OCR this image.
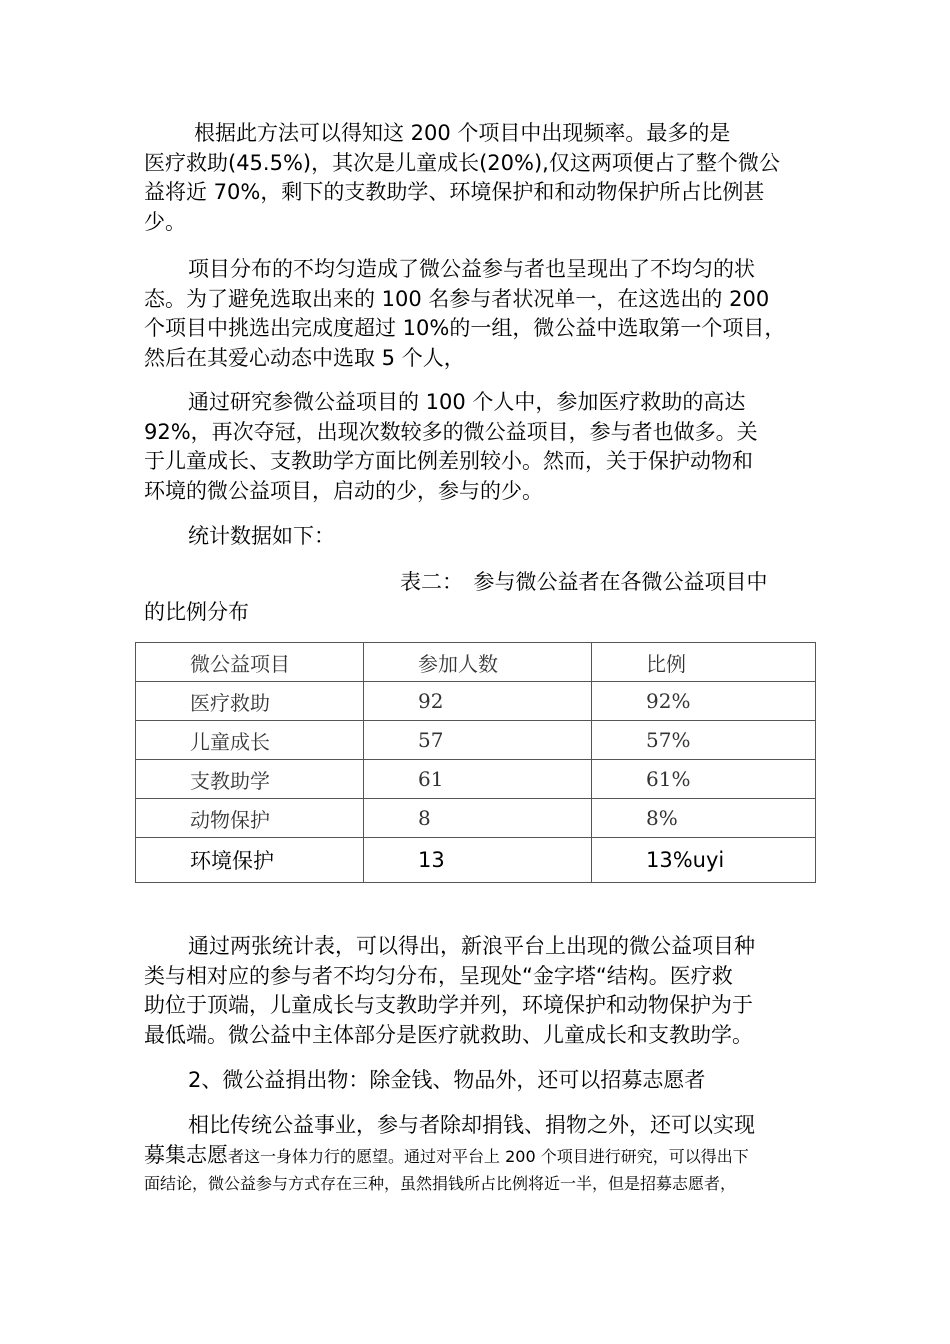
根据此方法可以得知这 200 个项目中出现频率。最多的是
医疗救助(45.5%)，其次是儿童成长(20%),仅这两项便占了整个微公
益将近 70%，剩下的支教助学、环境保护和和动物保护所占比例甚
少。
项目分布的不均匀造成了微公益参与者也呈现出了不均匀的状
态。为了避免选取出来的 100 名参与者状况单一，在这选出的 200
个项目中挑选出完成度超过 10%的一组，微公益中选取第一个项目，
然后在其爱心动态中选取 5 个人，
通过研究参微公益项目的 100 个人中，参加医疗救助的高达
92%，再次夺冠，出现次数较多的微公益项目，参与者也做多。关
于儿童成长、支教助学方面比例差别较小。然而，关于保护动物和
环境的微公益项目，启动的少，参与的少。
统计数据如下：
表二：　参与微公益者在各微公益项目中
的比例分布
微公益项目	参加人数	比例
医疗救助	92	92%
儿童成长	57	57%
支教助学	61	61%
动物保护	8	8%
环境保护	13	13%uyi
通过两张统计表，可以得出，新浪平台上出现的微公益项目种
类与相对应的参与者不均匀分布，呈现处“金字塔“结构。医疗救
助位于顶端，儿童成长与支教助学并列，环境保护和动物保护为于
最低端。微公益中主体部分是医疗就救助、儿童成长和支教助学。
2、微公益捐出物：除金钱、物品外，还可以招募志愿者
相比传统公益事业，参与者除却捐钱、捐物之外，还可以实现
募集志愿者这一身体力行的愿望。通过对平台上 200 个项目进行研究，可以得出下
面结论，微公益参与方式存在三种，虽然捐钱所占比例将近一半，但是招募志愿者，
